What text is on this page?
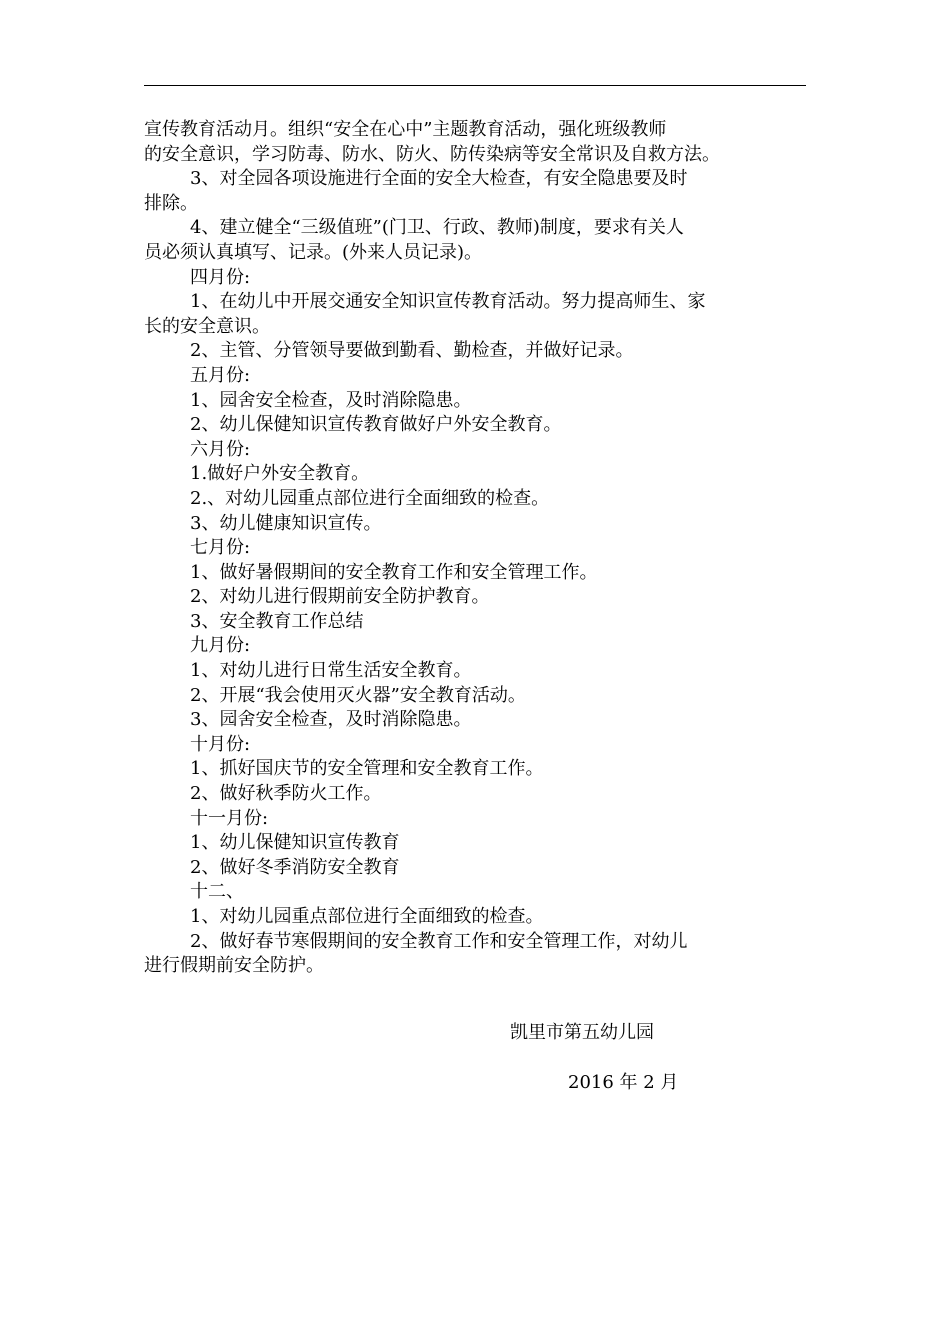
宣传教育活动月。组织“安全在心中”主题教育活动，强化班级教师
的安全意识，学习防毒、防水、防火、防传染病等安全常识及自救方法。
3、对全园各项设施进行全面的安全大检查，有安全隐患要及时
排除。
4、建立健全“三级值班”(门卫、行政、教师)制度，要求有关人
员必须认真填写、记录。(外来人员记录)。
四月份:
1、在幼儿中开展交通安全知识宣传教育活动。努力提高师生、家
长的安全意识。
2、主管、分管领导要做到勤看、勤检查，并做好记录。
五月份:
1、园舍安全检查，及时消除隐患。
2、幼儿保健知识宣传教育做好户外安全教育。
六月份:
1.做好户外安全教育。
2.、对幼儿园重点部位进行全面细致的检查。
3、幼儿健康知识宣传。
七月份:
1、做好暑假期间的安全教育工作和安全管理工作。
2、对幼儿进行假期前安全防护教育。
3、安全教育工作总结
九月份:
1、对幼儿进行日常生活安全教育。
2、开展“我会使用灭火器”安全教育活动。
3、园舍安全检查，及时消除隐患。
十月份:
1、抓好国庆节的安全管理和安全教育工作。
2、做好秋季防火工作。
十一月份:
1、幼儿保健知识宣传教育
2、做好冬季消防安全教育
十二、
1、对幼儿园重点部位进行全面细致的检查。
2、做好春节寒假期间的安全教育工作和安全管理工作，对幼儿
进行假期前安全防护。
凯里市第五幼儿园
2016 年 2 月
